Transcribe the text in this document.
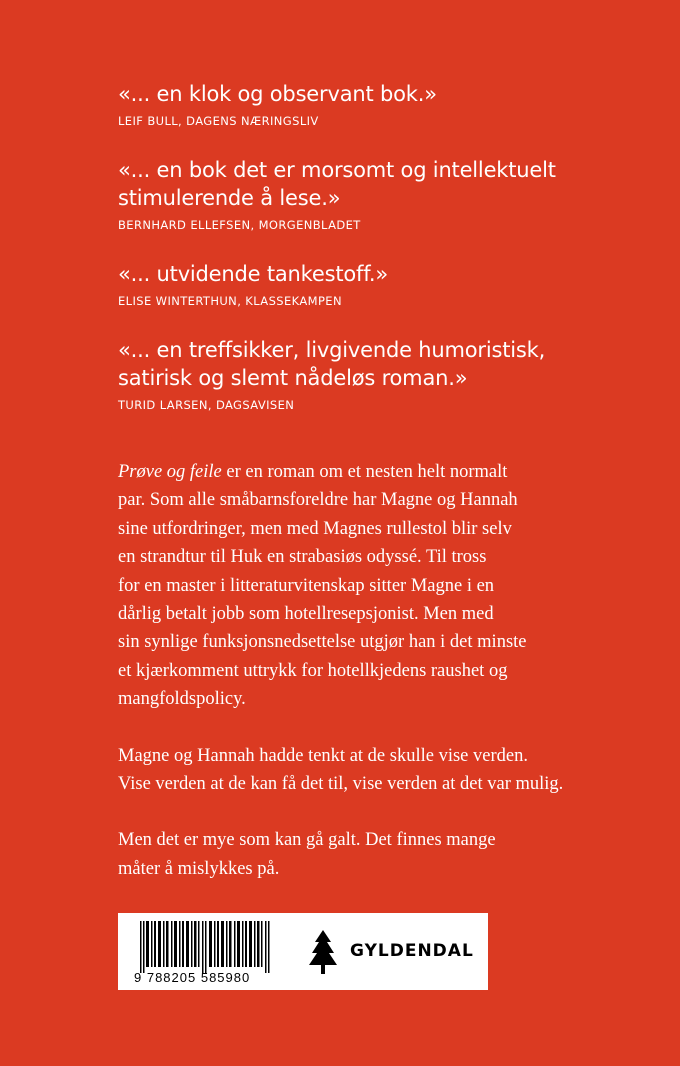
«... en klok og observant bok.»
LEIF BULL, DAGENS NÆRINGSLIV
«... en bok det er morsomt og intellektuelt
stimulerende å lese.»
BERNHARD ELLEFSEN, MORGENBLADET
«... utvidende tankestoff.»
ELISE WINTERTHUN, KLASSEKAMPEN
«... en treffsikker, livgivende humoristisk,
satirisk og slemt nådeløs roman.»
TURID LARSEN, DAGSAVISEN

Prøve og feile er en roman om et nesten helt normalt
par. Som alle småbarnsforeldre har Magne og Hannah
sine utfordringer, men med Magnes rullestol blir selv
en strandtur til Huk en strabasiøs odyssé. Til tross
for en master i litteraturvitenskap sitter Magne i en
dårlig betalt jobb som hotellresepsjonist. Men med
sin synlige funksjonsnedsettelse utgjør han i det minste
et kjærkomment uttrykk for hotellkjedens raushet og
mangfoldspolicy.

Magne og Hannah hadde tenkt at de skulle vise verden.
Vise verden at de kan få det til, vise verden at det var mulig.

Men det er mye som kan gå galt. Det finnes mange
måter å mislykkes på.

9 788205 585980
GYLDENDAL
